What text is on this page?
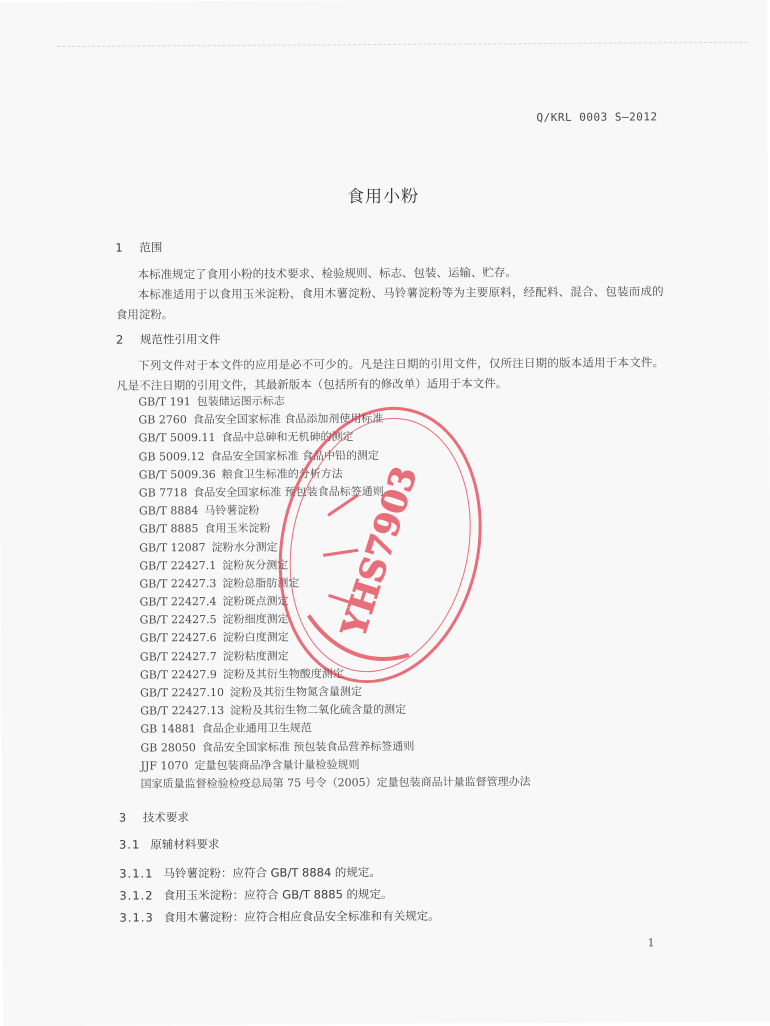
Q/KRL 0003 S—2012
食用小粉
1 范围
本标准规定了食用小粉的技术要求、检验规则、标志、包装、运输、贮存。
本标准适用于以食用玉米淀粉、食用木薯淀粉、马铃薯淀粉等为主要原料，经配料、混合、包装而成的食用淀粉。
2 规范性引用文件
下列文件对于本文件的应用是必不可少的。凡是注日期的引用文件，仅所注日期的版本适用于本文件。凡是不注日期的引用文件，其最新版本（包括所有的修改单）适用于本文件。
GB/T 191 包装储运图示标志
GB 2760 食品安全国家标准 食品添加剂使用标准
GB/T 5009.11 食品中总砷和无机砷的测定
GB 5009.12 食品安全国家标准 食品中铅的测定
GB/T 5009.36 粮食卫生标准的分析方法
GB 7718 食品安全国家标准 预包装食品标签通则
GB/T 8884 马铃薯淀粉
GB/T 8885 食用玉米淀粉
GB/T 12087 淀粉水分测定
GB/T 22427.1 淀粉灰分测定
GB/T 22427.3 淀粉总脂肪测定
GB/T 22427.4 淀粉斑点测定
GB/T 22427.5 淀粉细度测定
GB/T 22427.6 淀粉白度测定
GB/T 22427.7 淀粉粘度测定
GB/T 22427.9 淀粉及其衍生物酸度测定
GB/T 22427.10 淀粉及其衍生物氮含量测定
GB/T 22427.13 淀粉及其衍生物二氧化硫含量的测定
GB 14881 食品企业通用卫生规范
GB 28050 食品安全国家标准 预包装食品营养标签通则
JJF 1070 定量包装商品净含量计量检验规则
国家质量监督检验检疫总局第 75 号令（2005）定量包装商品计量监督管理办法
3 技术要求
3.1 原辅材料要求
3.1.1 马铃薯淀粉：应符合 GB/T 8884 的规定。
3.1.2 食用玉米淀粉：应符合 GB/T 8885 的规定。
3.1.3 食用木薯淀粉：应符合相应食品安全标准和有关规定。
1
YHS7903
